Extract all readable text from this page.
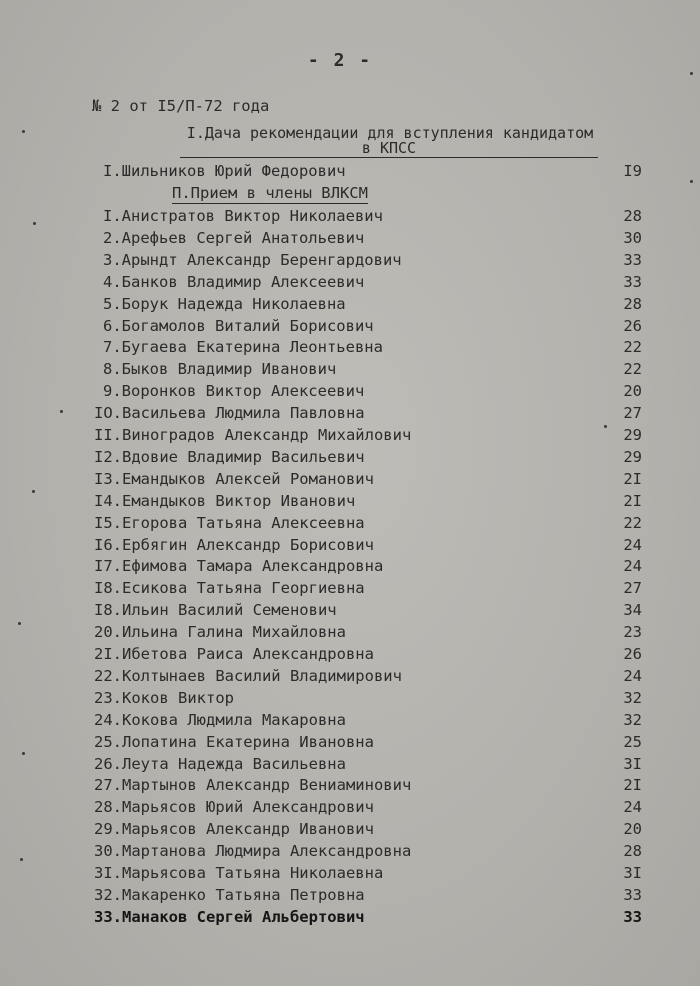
- 2 -
№ 2 от I5/П-72 года
I.Дача рекомендации для вступления кандидатом
в КПСС
I.Шильников Юрий Федорович	I9
П.Прием в члены ВЛКСМ
I.Анистратов Виктор Николаевич	28
2.Арефьев Сергей Анатольевич	30
3.Арындт Александр Беренгардович	33
4.Банков Владимир Алексеевич	33
5.Борук Надежда Николаевна	28
6.Богамолов Виталий Борисович	26
7.Бугаева Екатерина Леонтьевна	22
8.Быков Владимир Иванович	22
9.Воронков Виктор Алексеевич	20
IO.Васильева Людмила Павловна	27
II.Виноградов Александр Михайлович	29
I2.Вдовие Владимир Васильевич	29
I3.Емандыков Алексей Романович	2I
I4.Емандыков Виктор Иванович	2I
I5.Егорова Татьяна Алексеевна	22
I6.Ербягин Александр Борисович	24
I7.Ефимова Тамара Александровна	24
I8.Есикова Татьяна Георгиевна	27
I8.Ильин Василий Семенович	34
20.Ильина Галина Михайловна	23
2I.Ибетова Раиса Александровна	26
22.Колтынаев Василий Владимирович	24
23.Коков Виктор	32
24.Кокова Людмила Макаровна	32
25.Лопатина Екатерина Ивановна	25
26.Леута Надежда Васильевна	3I
27.Мартынов Александр Вениаминович	2I
28.Марьясов Юрий Александрович	24
29.Марьясов Александр Иванович	20
30.Мартанова Людмира Александровна	28
3I.Марьясова Татьяна Николаевна	3I
32.Макаренко Татьяна Петровна	33
33.Манаков Сергей Альбертович	33
